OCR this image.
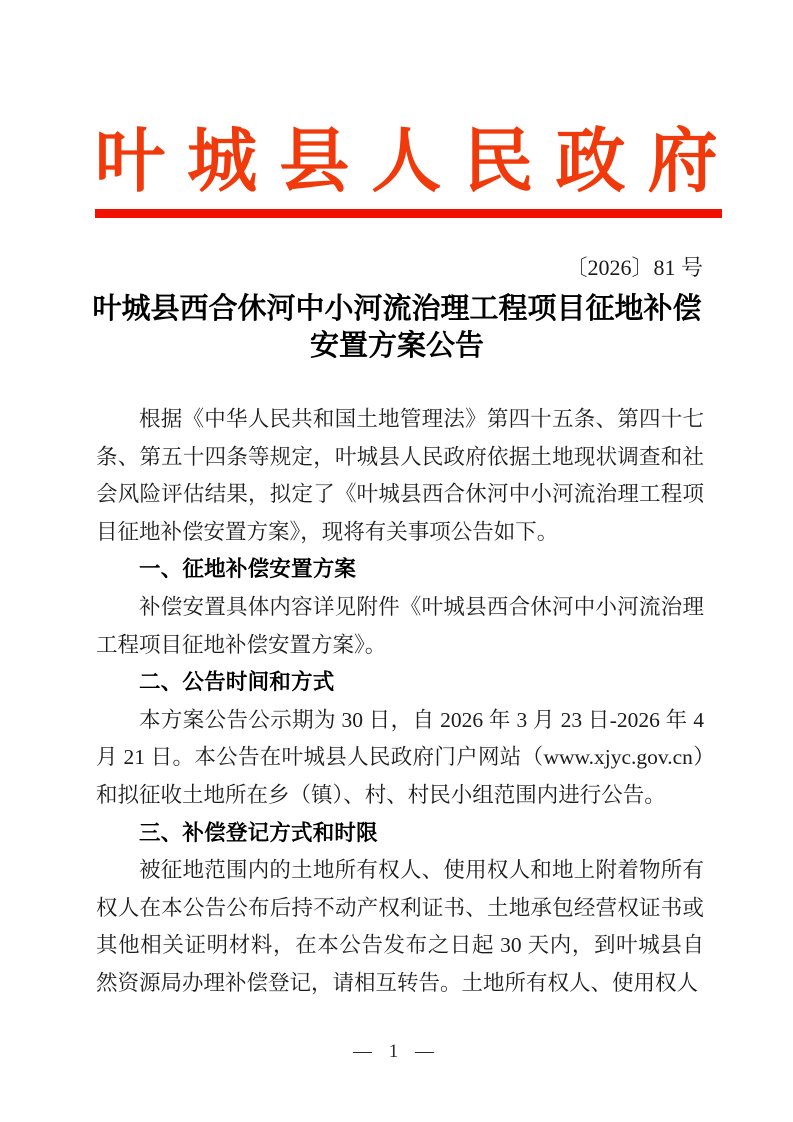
叶城县人民政府
〔2026〕81 号
叶城县西合休河中小河流治理工程项目征地补偿
安置方案公告

根据《中华人民共和国土地管理法》第四十五条、第四十七条、第五十四条等规定，叶城县人民政府依据土地现状调查和社会风险评估结果，拟定了《叶城县西合休河中小河流治理工程项目征地补偿安置方案》，现将有关事项公告如下。

一、征地补偿安置方案

补偿安置具体内容详见附件《叶城县西合休河中小河流治理工程项目征地补偿安置方案》。

二、公告时间和方式

本方案公告公示期为 30 日，自 2026 年 3 月 23 日-2026 年 4 月 21 日。本公告在叶城县人民政府门户网站（www.xjyc.gov.cn）和拟征收土地所在乡（镇）、村、村民小组范围内进行公告。

三、补偿登记方式和时限

被征地范围内的土地所有权人、使用权人和地上附着物所有权人在本公告公布后持不动产权利证书、土地承包经营权证书或其他相关证明材料，在本公告发布之日起 30 天内，到叶城县自然资源局办理补偿登记，请相互转告。土地所有权人、使用权人

— 1 —
